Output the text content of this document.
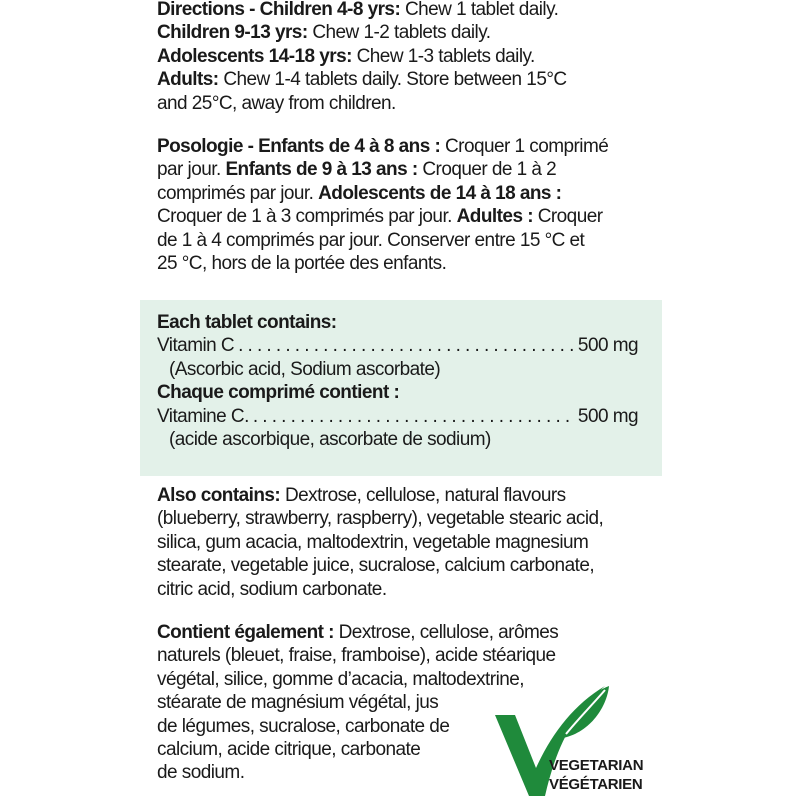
Directions - Children 4-8 yrs: Chew 1 tablet daily.
Children 9-13 yrs: Chew 1-2 tablets daily.
Adolescents 14-18 yrs: Chew 1-3 tablets daily.
Adults: Chew 1-4 tablets daily. Store between 15°C
and 25°C, away from children.
Posologie - Enfants de 4 à 8 ans : Croquer 1 comprimé
par jour. Enfants de 9 à 13 ans : Croquer de 1 à 2
comprimés par jour. Adolescents de 14 à 18 ans :
Croquer de 1 à 3 comprimés par jour. Adultes : Croquer
de 1 à 4 comprimés par jour. Conserver entre 15 °C et
25 °C, hors de la portée des enfants.
Each tablet contains:
Vitamin C . . .	500 mg
(Ascorbic acid, Sodium ascorbate)
Chaque comprimé contient :
Vitamine C. . . .	500 mg
(acide ascorbique, ascorbate de sodium)
Also contains: Dextrose, cellulose, natural flavours
(blueberry, strawberry, raspberry), vegetable stearic acid,
silica, gum acacia, maltodextrin, vegetable magnesium
stearate, vegetable juice, sucralose, calcium carbonate,
citric acid, sodium carbonate.
Contient également : Dextrose, cellulose, arômes
naturels (bleuet, fraise, framboise), acide stéarique
végétal, silice, gomme d’acacia, maltodextrine,
stéarate de magnésium végétal, jus
de légumes, sucralose, carbonate de
calcium, acide citrique, carbonate
de sodium.	VEGETARIAN
VÉGÉTARIEN
